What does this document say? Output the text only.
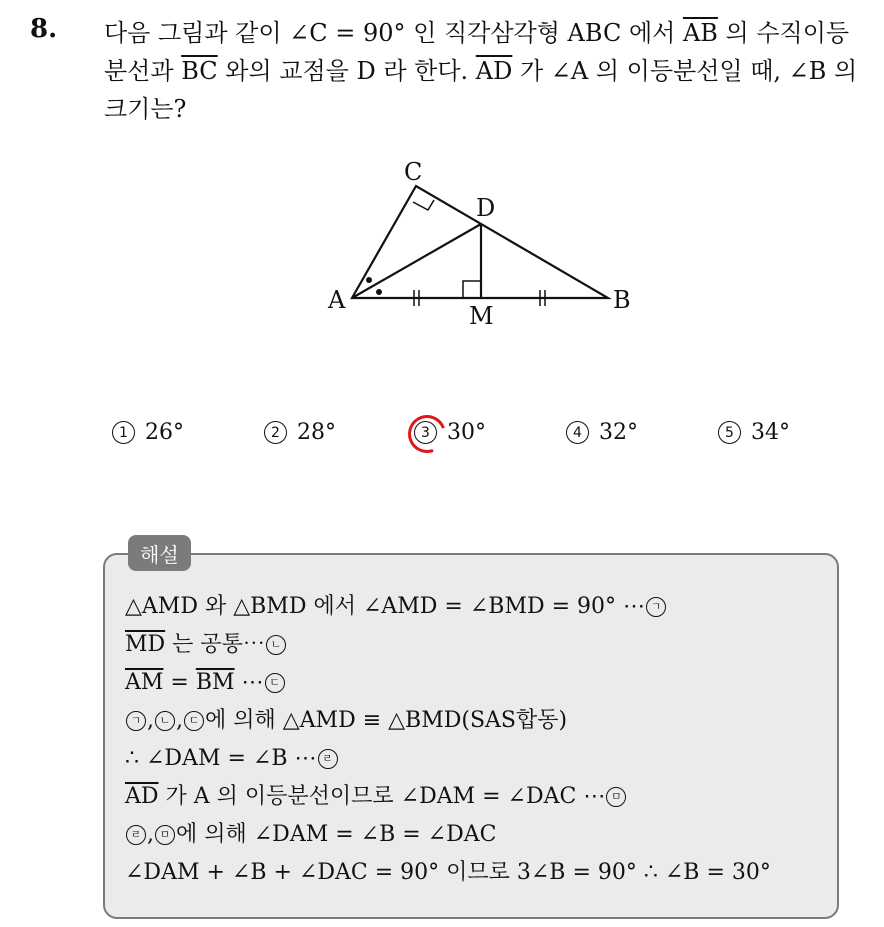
8. 다음 그림과 같이 ∠C = 90° 인 직각삼각형 ABC 에서 $\overline{AB}$ 의 수직이등분선과 $\overline{BC}$ 와의 교점을 D 라 한다. $\overline{AD}$ 가 ∠A 의 이등분선일 때, ∠B 의 크기는?
A	B
C
D
M
1 26°	2 28°	3 30°	4 32°	5 34°
해설
△AMD 와 △BMD 에서 ∠AMD = ∠BMD = 90° ⋯ ㄱ
$\overline{MD}$ 는 공통⋯ ㄴ
$\overline{AM} = \overline{BM}$ ⋯ ㄷ
ㄱ , ㄴ , ㄷ 에 의해 △AMD ≡ △BMD(SAS합동)
∴ ∠DAM = ∠B ⋯ ㄹ
$\overline{AD}$ 가 A 의 이등분선이므로 ∠DAM = ∠DAC ⋯ ㅁ
ㄹ , ㅁ 에 의해 ∠DAM = ∠B = ∠DAC
∠DAM + ∠B + ∠DAC = 90° 이므로 3∠B = 90° ∴ ∠B = 30°
